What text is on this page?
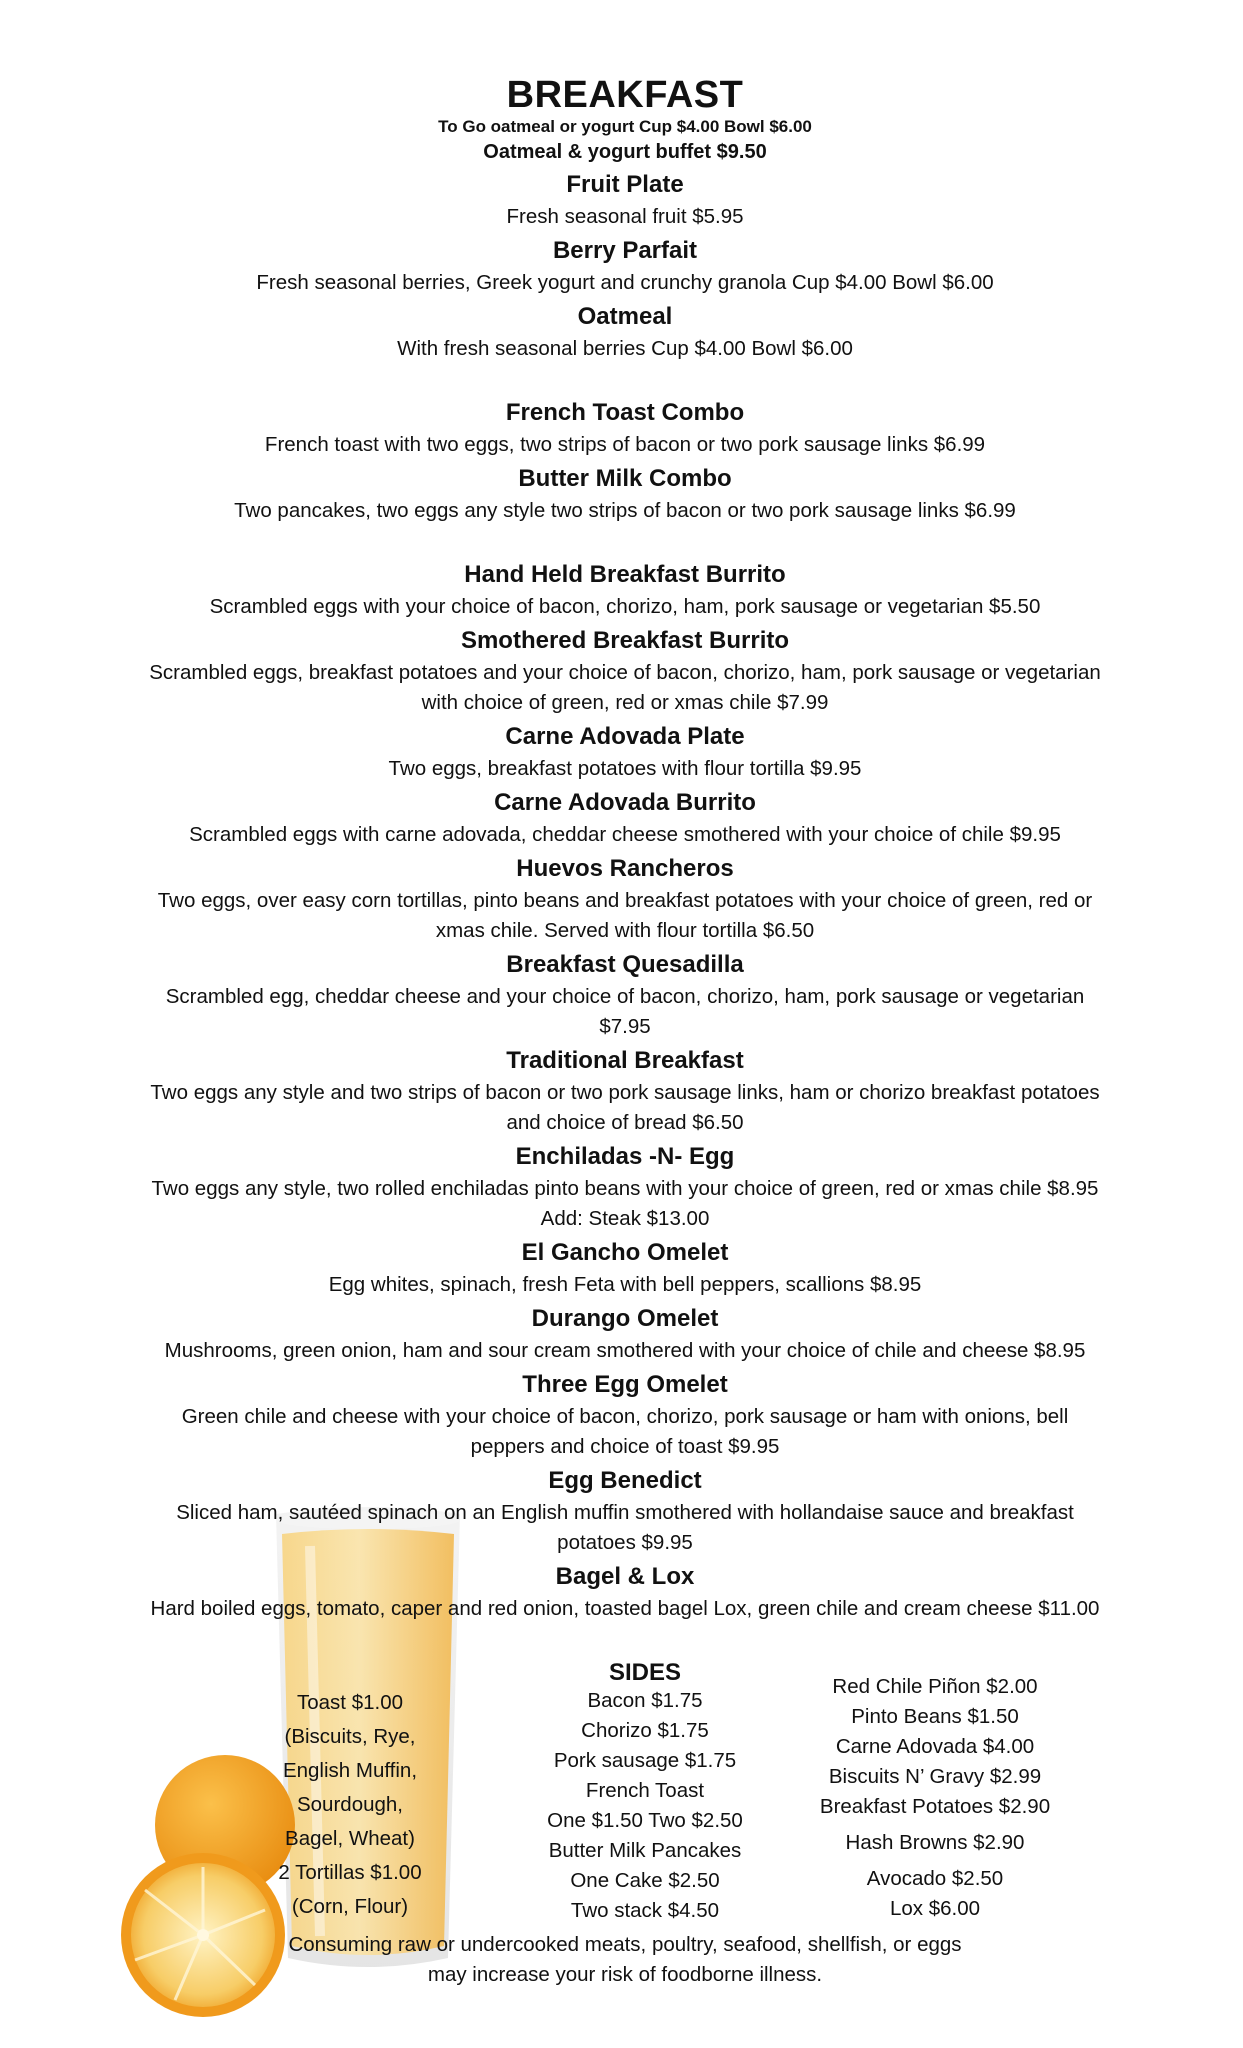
BREAKFAST
To Go oatmeal or yogurt Cup $4.00 Bowl $6.00
Oatmeal & yogurt buffet $9.50
Fruit Plate
Fresh seasonal fruit $5.95
Berry Parfait
Fresh seasonal berries, Greek yogurt and crunchy granola Cup $4.00 Bowl $6.00
Oatmeal
With fresh seasonal berries Cup $4.00 Bowl $6.00
French Toast Combo
French toast with two eggs, two strips of bacon or two pork sausage links $6.99
Butter Milk Combo
Two pancakes, two eggs any style two strips of bacon or two pork sausage links $6.99
Hand Held Breakfast Burrito
Scrambled eggs with your choice of bacon, chorizo, ham, pork sausage or vegetarian $5.50
Smothered Breakfast Burrito
Scrambled eggs, breakfast potatoes and your choice of bacon, chorizo, ham, pork sausage or vegetarian with choice of green, red or xmas chile $7.99
Carne Adovada Plate
Two eggs, breakfast potatoes with flour tortilla $9.95
Carne Adovada Burrito
Scrambled eggs with carne adovada, cheddar cheese smothered with your choice of chile $9.95
Huevos Rancheros
Two eggs, over easy corn tortillas, pinto beans and breakfast potatoes with your choice of green, red or xmas chile. Served with flour tortilla $6.50
Breakfast Quesadilla
Scrambled egg, cheddar cheese and your choice of bacon, chorizo, ham, pork sausage or vegetarian $7.95
Traditional Breakfast
Two eggs any style and two strips of bacon or two pork sausage links, ham or chorizo breakfast potatoes and choice of bread $6.50
Enchiladas -N- Egg
Two eggs any style, two rolled enchiladas pinto beans with your choice of green, red or xmas chile $8.95 Add: Steak $13.00
El Gancho Omelet
Egg whites, spinach, fresh Feta with bell peppers, scallions $8.95
Durango Omelet
Mushrooms, green onion, ham and sour cream smothered with your choice of chile and cheese $8.95
Three Egg Omelet
Green chile and cheese with your choice of bacon, chorizo, pork sausage or ham with onions, bell peppers and choice of toast $9.95
Egg Benedict
Sliced ham, sautéed spinach on an English muffin smothered with hollandaise sauce and breakfast potatoes $9.95
Bagel & Lox
Hard boiled eggs, tomato, caper and red onion, toasted bagel Lox, green chile and cream cheese $11.00
Toast $1.00
(Biscuits, Rye,
English Muffin,
Sourdough,
Bagel, Wheat)
2 Tortillas $1.00
(Corn, Flour)
SIDES
Bacon $1.75
Chorizo $1.75
Pork sausage $1.75
French Toast
One $1.50 Two $2.50
Butter Milk Pancakes
One Cake $2.50
Two stack $4.50
Red Chile Piñon $2.00
Pinto Beans $1.50
Carne Adovada $4.00
Biscuits N’ Gravy $2.99
Breakfast Potatoes $2.90
Hash Browns $2.90
Avocado $2.50
Lox $6.00
Consuming raw or undercooked meats, poultry, seafood, shellfish, or eggs
may increase your risk of foodborne illness.
